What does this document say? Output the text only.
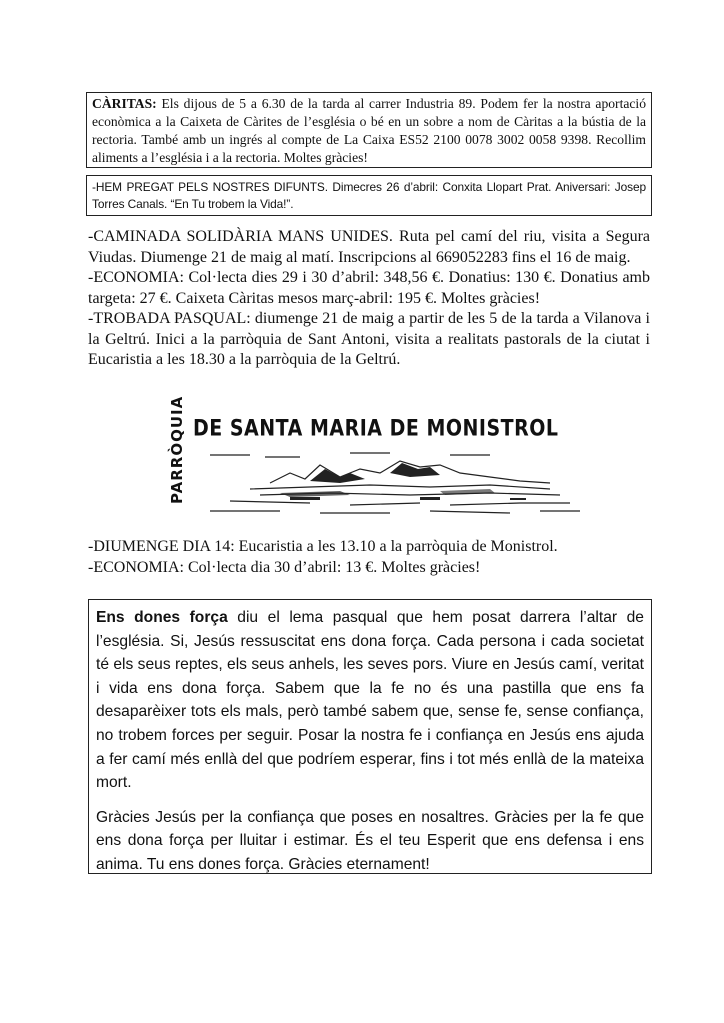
CÀRITAS: Els dijous de 5 a 6.30 de la tarda al carrer Industria 89. Podem fer la nostra aportació econòmica a la Caixeta de Càrites de l’església o bé en un sobre a nom de Càritas a la bústia de la rectoria. També amb un ingrés al compte de La Caixa ES52 2100 0078 3002 0058 9398. Recollim aliments a l’església i a la rectoria. Moltes gràcies!
-HEM PREGAT PELS NOSTRES DIFUNTS. Dimecres 26 d’abril: Conxita Llopart Prat. Aniversari: Josep Torres Canals. “En Tu trobem la Vida!”.

-CAMINADA SOLIDÀRIA MANS UNIDES. Ruta pel camí del riu, visita a Segura Viudas. Diumenge 21 de maig al matí. Inscripcions al 669052283 fins el 16 de maig.

-ECONOMIA: Col·lecta dies 29 i 30 d’abril: 348,56 €. Donatius: 130 €. Donatius amb targeta: 27 €. Caixeta Càritas mesos març-abril: 195 €. Moltes gràcies!

-TROBADA PASQUAL: diumenge 21 de maig a partir de les 5 de la tarda a Vilanova i la Geltrú. Inici a la parròquia de Sant Antoni, visita a realitats pastorals de la ciutat i Eucaristia a les 18.30 a la parròquia de la Geltrú.

PARRÒQUIA DE SANTA MARIA DE MONISTROL

-DIUMENGE DIA 14: Eucaristia a les 13.10 a la parròquia de Monistrol.

-ECONOMIA: Col·lecta dia 30 d’abril: 13 €. Moltes gràcies!

Ens dones força diu el lema pasqual que hem posat darrera l’altar de l’església. Si, Jesús ressuscitat ens dona força. Cada persona i cada societat té els seus reptes, els seus anhels, les seves pors. Viure en Jesús camí, veritat i vida ens dona força. Sabem que la fe no és una pastilla que ens fa desaparèixer tots els mals, però també sabem que, sense fe, sense confiança, no trobem forces per seguir. Posar la nostra fe i confiança en Jesús ens ajuda a fer camí més enllà del que podríem esperar, fins i tot més enllà de la mateixa mort.

Gràcies Jesús per la confiança que poses en nosaltres. Gràcies per la fe que ens dona força per lluitar i estimar. És el teu Esperit que ens defensa i ens anima. Tu ens dones força. Gràcies eternament!
